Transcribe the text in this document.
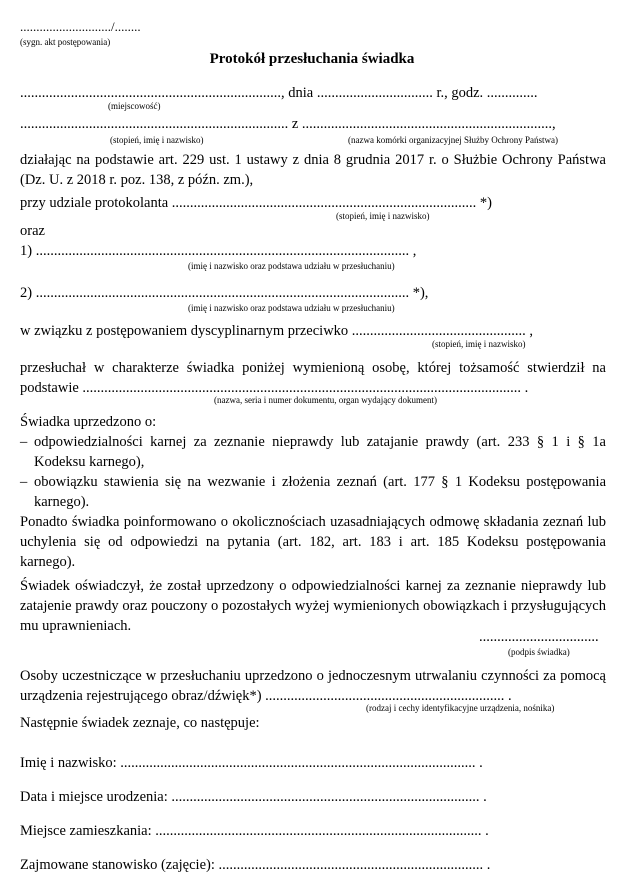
............................/........
(sygn. akt postępowania)
Protokół przesłuchania świadka
........................................................................, dnia ................................ r., godz. ..............
(miejscowość)
.......................................................................... z .....................................................................,
(stopień, imię i nazwisko)	(nazwa komórki organizacyjnej Służby Ochrony Państwa)

działając na podstawie art. 229 ust. 1 ustawy z dnia 8 grudnia 2017 r. o Służbie Ochrony Państwa (Dz. U. z 2018 r. poz. 138, z późn. zm.),

przy udziale protokolanta .................................................................................... *)
(stopień, imię i nazwisko)
oraz
1) ....................................................................................................... ,
(imię i nazwisko oraz podstawa udziału w przesłuchaniu)
2) ....................................................................................................... *),
(imię i nazwisko oraz podstawa udziału w przesłuchaniu)
w związku z postępowaniem dyscyplinarnym przeciwko ................................................ ,
(stopień, imię i nazwisko)

przesłuchał w charakterze świadka poniżej wymienioną osobę, której tożsamość stwierdził na podstawie ......................................................................................................................... .

(nazwa, seria i numer dokumentu, organ wydający dokument)

Świadka uprzedzono o:

– odpowiedzialności karnej za zeznanie nieprawdy lub zatajanie prawdy (art. 233 § 1 i § 1a Kodeksu karnego),
– obowiązku stawienia się na wezwanie i złożenia zeznań (art. 177 § 1 Kodeksu postępowania karnego).

Ponadto świadka poinformowano o okolicznościach uzasadniających odmowę składania zeznań lub uchylenia się od odpowiedzi na pytania (art. 182, art. 183 i art. 185 Kodeksu postępowania karnego).

Świadek oświadczył, że został uprzedzony o odpowiedzialności karnej za zeznanie nieprawdy lub zatajenie prawdy oraz pouczony o pozostałych wyżej wymienionych obowiązkach i przysługujących mu uprawnieniach.

.................................
(podpis świadka)

Osoby uczestniczące w przesłuchaniu uprzedzono o jednoczesnym utrwalaniu czynności za pomocą urządzenia rejestrującego obraz/dźwięk*) .................................................................. .

(rodzaj i cechy identyfikacyjne urządzenia, nośnika)
Następnie świadek zeznaje, co następuje:
Imię i nazwisko: .................................................................................................. .
Data i miejsce urodzenia: ..................................................................................... .
Miejsce zamieszkania: .......................................................................................... .
Zajmowane stanowisko (zajęcie): ......................................................................... .
